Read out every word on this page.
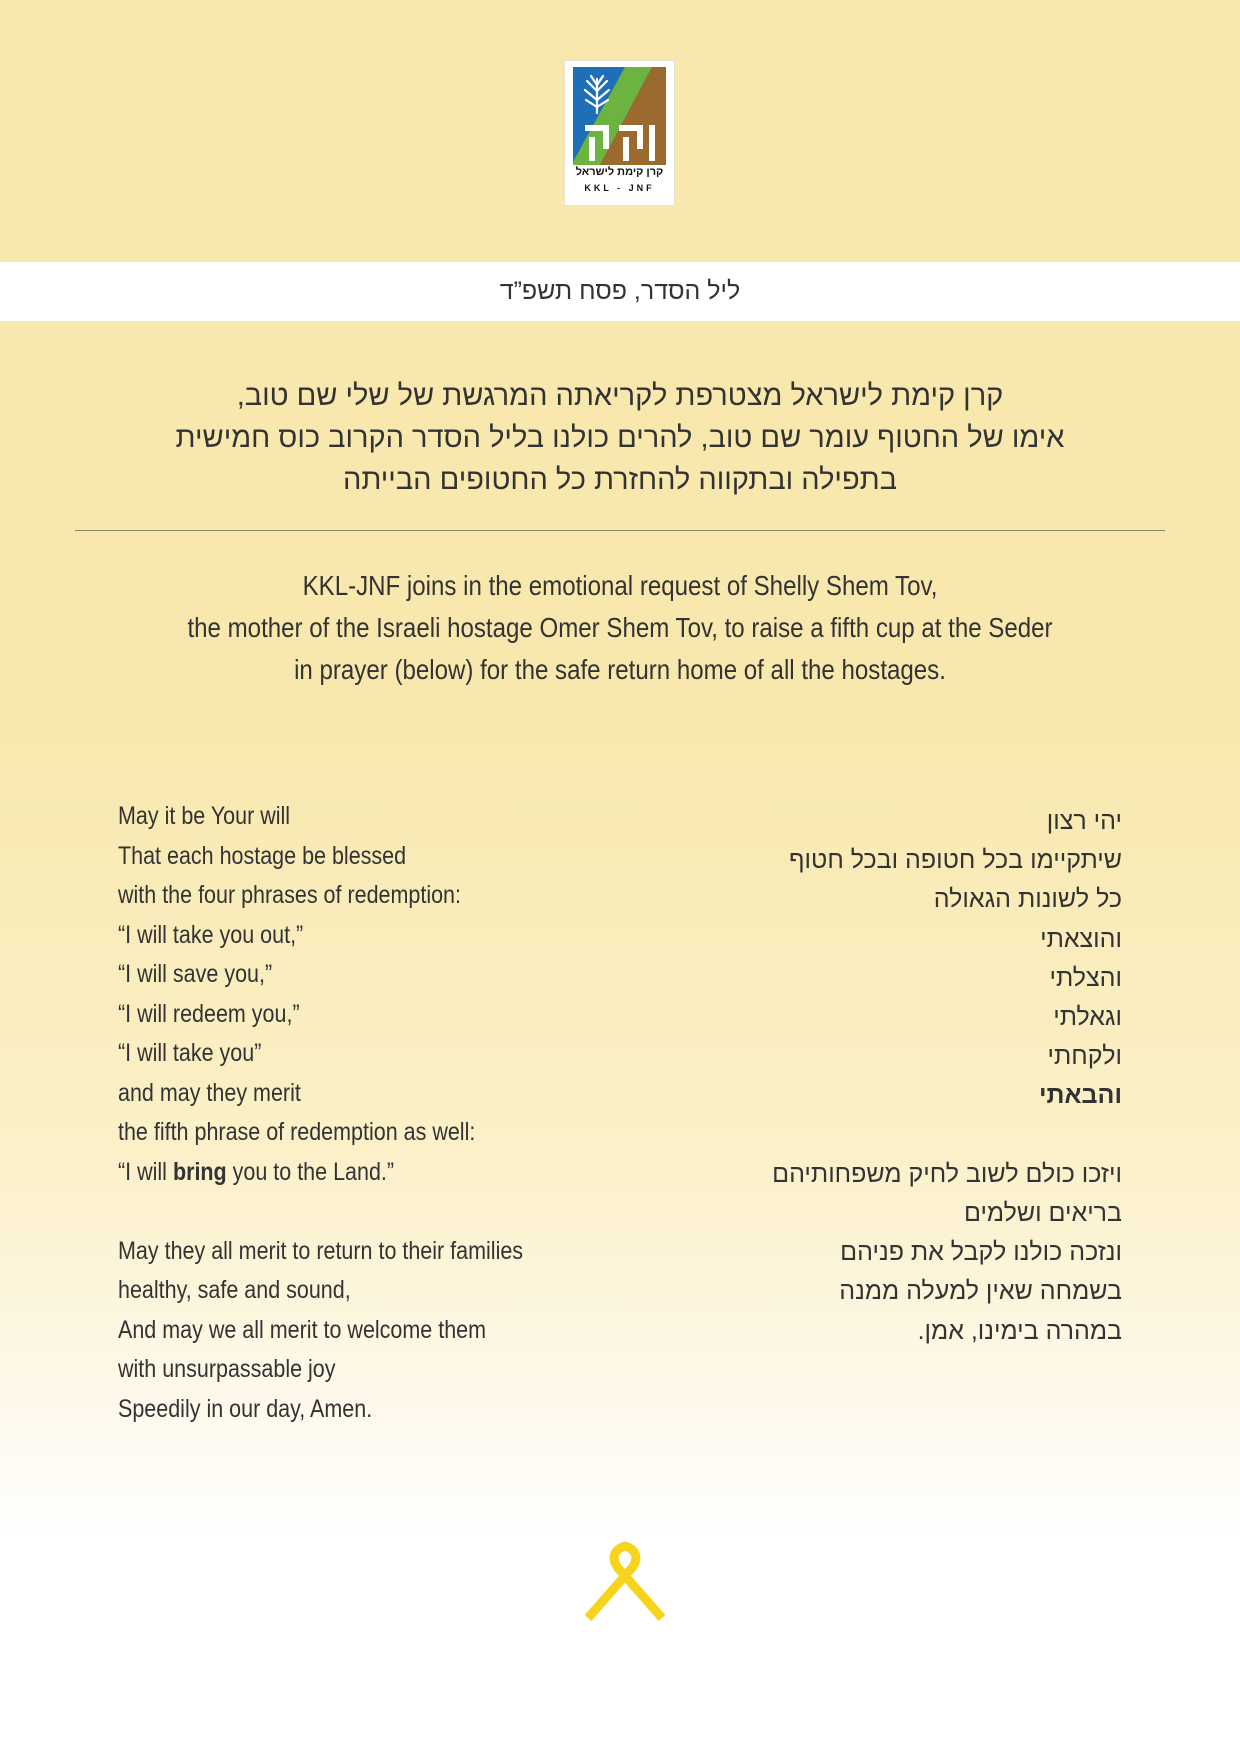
קרן קימת לישראל
KKL - JNF
ליל הסדר, פסח תשפ”ד
קרן קימת לישראל מצטרפת לקריאתה המרגשת של שלי שם טוב,
אימו של החטוף עומר שם טוב, להרים כולנו בליל הסדר הקרוב כוס חמישית
בתפילה ובתקווה להחזרת כל החטופים הבייתה
KKL-JNF joins in the emotional request of Shelly Shem Tov,
the mother of the Israeli hostage Omer Shem Tov, to raise a fifth cup at the Seder
in prayer (below) for the safe return home of all the hostages.
May it be Your will
That each hostage be blessed
with the four phrases of redemption:
“I will take you out,”
“I will save you,”
“I will redeem you,”
“I will take you”
and may they merit
the fifth phrase of redemption as well:
“I will bring you to the Land.”
May they all merit to return to their families
healthy, safe and sound,
And may we all merit to welcome them
with unsurpassable joy
Speedily in our day, Amen.
יהי רצון
שיתקיימו בכל חטופה ובכל חטוף
כל לשונות הגאולה
והוצאתי
והצלתי
וגאלתי
ולקחתי
והבאתי
ויזכו כולם לשוב לחיק משפחותיהם
בריאים ושלמים
ונזכה כולנו לקבל את פניהם
בשמחה שאין למעלה ממנה
במהרה בימינו, אמן.
